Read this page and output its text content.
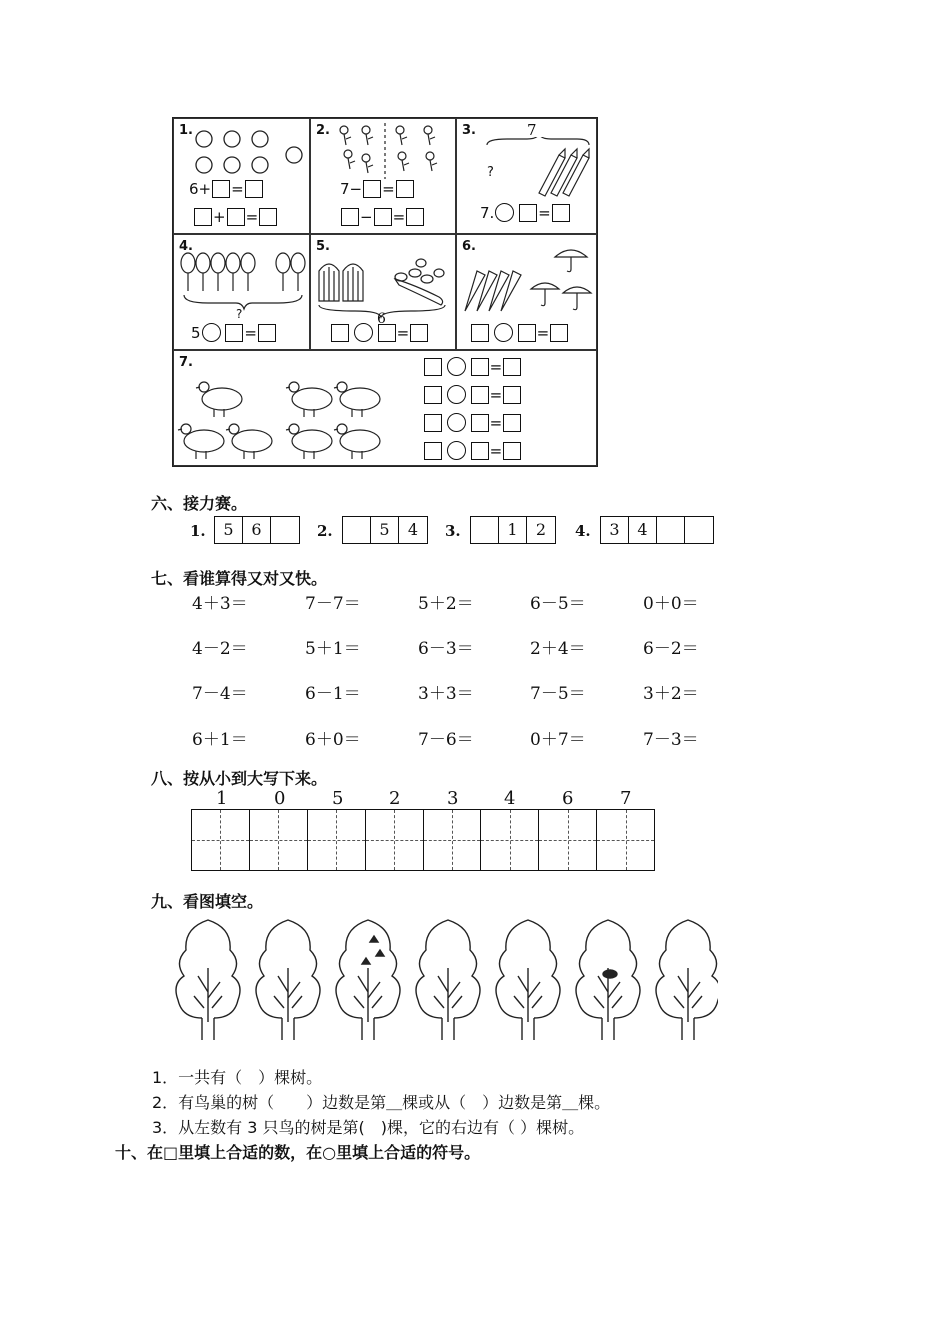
1.
6+ =
+ =
2.
7− =
− =
3.	7
?
7.	=
4.
?
5	=
5.
6
=
6.
=
7.	=
=
=
=
六、接力赛。
1.	5	6	2.	5	4	3.	1	2	4.	3	4
七、看谁算得又对又快。
4＋3＝	7－7＝	5＋2＝	6－5＝	0＋0＝
4－2＝	5＋1＝	6－3＝	2＋4＝	6－2＝
7－4＝	6－1＝	3＋3＝	7－5＝	3＋2＝
6＋1＝	6＋0＝	7－6＝	0＋7＝	7－3＝
八、按从小到大写下来。
1	0	5	2	3	4	6	7
九、看图填空。
1．一共有（　）棵树。
2．有鸟巢的树（　　）边数是第＿棵或从（　）边数是第＿棵。
3．从左数有 3 只鸟的树是第(　)棵，它的右边有（ ）棵树。
十、在□里填上合适的数，在○里填上合适的符号。
